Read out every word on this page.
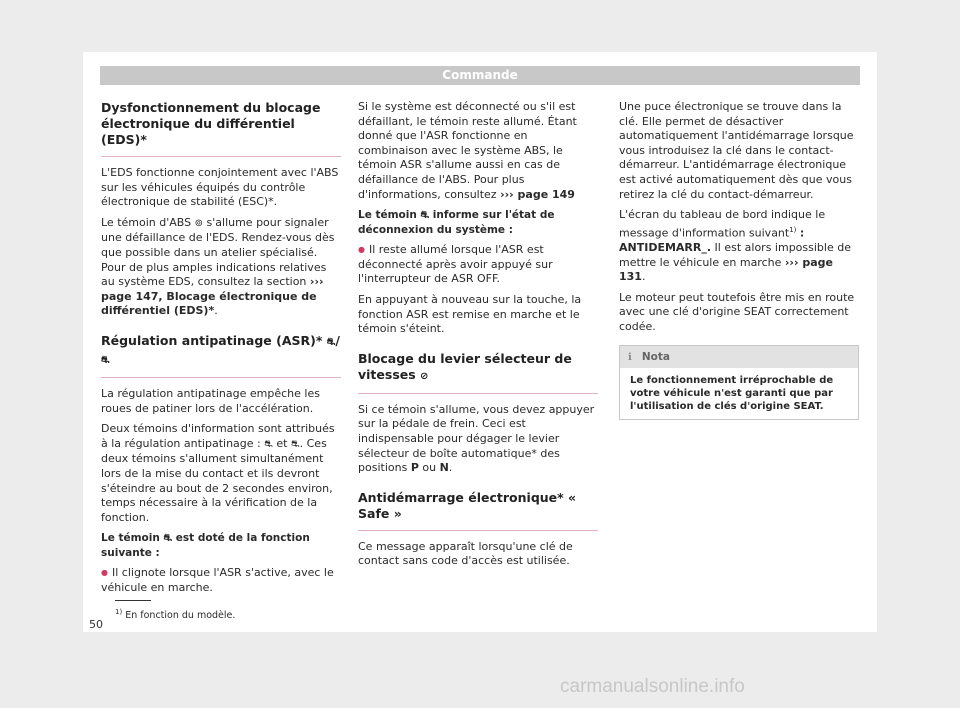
Commande
Dysfonctionnement du blocage électronique du différentiel (EDS)*

L'EDS fonctionne conjointement avec l'ABS sur les véhicules équipés du contrôle électronique de stabilité (ESC)*.

Le témoin d'ABS ⊚ s'allume pour signaler une défaillance de l'EDS. Rendez-vous dès que possible dans un atelier spécialisé. Pour de plus amples indications relatives au système EDS, consultez la section ››› page 147, Blocage électronique de différentiel (EDS)*.

Régulation antipatinage (ASR)* ⛐/⛐

La régulation antipatinage empêche les roues de patiner lors de l'accélération.

Deux témoins d'information sont attribués à la régulation antipatinage : ⛐ et ⛐. Ces deux témoins s'allument simultanément lors de la mise du contact et ils devront s'éteindre au bout de 2 secondes environ, temps nécessaire à la vérification de la fonction.

Le témoin ⛐ est doté de la fonction suivante :

● Il clignote lorsque l'ASR s'active, avec le véhicule en marche.

Si le système est déconnecté ou s'il est défaillant, le témoin reste allumé. Étant donné que l'ASR fonctionne en combinaison avec le système ABS, le témoin ASR s'allume aussi en cas de défaillance de l'ABS. Pour plus d'informations, consultez ››› page 149

Le témoin ⛐ informe sur l'état de déconnexion du système :

● Il reste allumé lorsque l'ASR est déconnecté après avoir appuyé sur l'interrupteur de ASR OFF.

En appuyant à nouveau sur la touche, la fonction ASR est remise en marche et le témoin s'éteint.

Blocage du levier sélecteur de vitesses ⊘

Si ce témoin s'allume, vous devez appuyer sur la pédale de frein. Ceci est indispensable pour dégager le levier sélecteur de boîte automatique* des positions P ou N.

Antidémarrage électronique* « Safe »

Ce message apparaît lorsqu'une clé de contact sans code d'accès est utilisée.

Une puce électronique se trouve dans la clé. Elle permet de désactiver automatiquement l'antidémarrage lorsque vous introduisez la clé dans le contact-démarreur. L'antidémarrage électronique est activé automatiquement dès que vous retirez la clé du contact-démarreur.

L'écran du tableau de bord indique le message d'information suivant$^{1)}$ : ANTIDEMARR_. Il est alors impossible de mettre le véhicule en marche ››› page 131.

Le moteur peut toutefois être mis en route avec une clé d'origine SEAT correctement codée.

ℹ Nota
Le fonctionnement irréprochable de votre véhicule n'est garanti que par l'utilisation de clés d'origine SEAT.
$^{1)}$ En fonction du modèle.
50
carmanualsonline.info
